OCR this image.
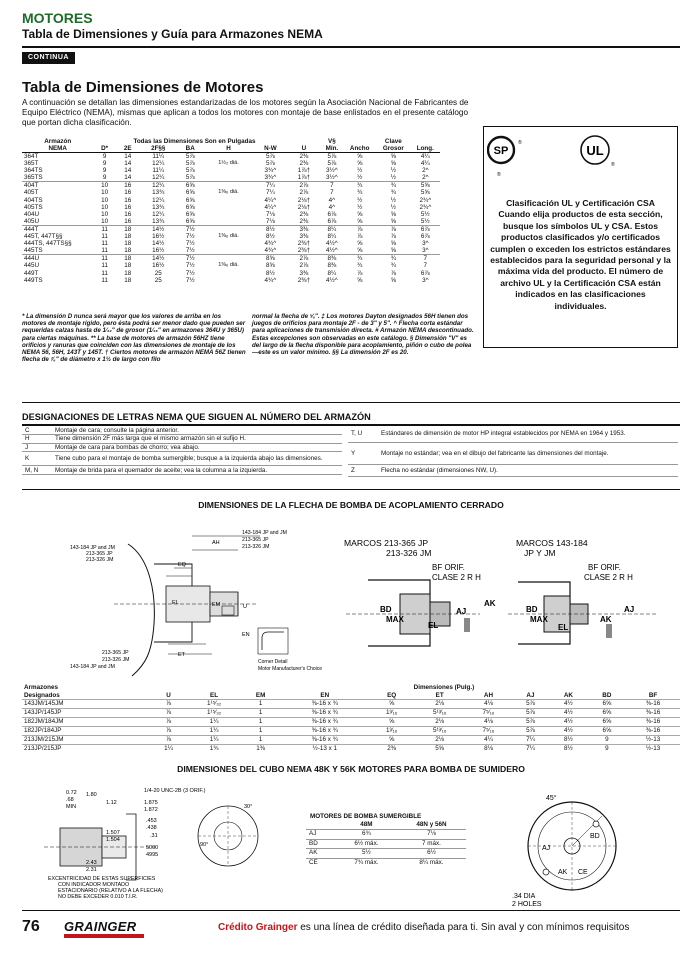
MOTORES
Tabla de Dimensiones y Guía para Armazones NEMA
CONTINUA
Tabla de Dimensiones de Motores
A continuación se detallan las dimensiones estandarizadas de los motores según la Asociación Nacional de Fabricantes de Equipo Eléctrico (NEMA), mismas que aplican a todos los motores con montaje de base enlistados en el presente catálogo que portan dicha clasificación.
Armazón	Todas las Dimensiones Son en Pulgadas							V§		Clave	
NEMA	D*	2E	2F§§	BA	H	N-W	U	Mín.	Ancho	Grosor	Long.
364T	9	14	11¼	5⅞		5⅞	2⅜	5⅞	⅝	⅝	4¼
365T	9	14	12¼	5⅞	1½₂ diá.	5⅞	2⅜	5⅞	⅝	⅝	4¼
364TS	9	14	11¼	5⅞		3¾^	1⅞†	3½^	½	½	2^
365TS	9	14	12¼	5⅞		3¾^	1⅞†	3½^	½	½	2^
404T	10	16	12¼	6⅝		7¼	2⅞	7	¾	¾	5⅝
405T	10	16	13¾	6⅝	1⅜₆ diá.	7¼	2⅞	7	¾	¾	5⅝
404TS	10	16	12¼	6⅝		4¼^	2⅛†	4^	½	½	2¾^
405TS	10	16	13¾	6⅝		4¼^	2⅛†	4^	½	½	2¾^
404U	10	16	12¼	6⅝		7⅛	2⅜	6⅞	⅝	⅝	5½
405U	10	16	13¾	6⅝		7⅛	2⅜	6⅞	⅝	⅝	5½
444T	11	18	14½	7½		8½	3⅜	8¼	⅞	⅞	6⅞
445T, 447T§§	11	18	16½	7½	1⅜₆ diá.	8½	3⅜	8¼	⅞	⅞	6⅞
444TS, 447TS§§	11	18	14½	7½		4¾^	2⅜†	4½^	⅝	⅝	3^
445TS	11	18	16½	7½		4¾^	2⅜†	4½^	⅝	⅝	3^
444U	11	18	14½	7½		8⅝	2⅞	8⅜	¾	¾	7
445U	11	18	16½	7½	1⅜₆ diá.	8⅝	2⅞	8⅜	¾	¾	7
449T	11	18	25	7½		8½	3⅜	8¼	⅞	⅞	6⅞
449TS	11	18	25	7½		4¾^	2⅜†	4½^	⅝	⅝	3^
* La dimensión D nunca será mayor que los valores de arriba en los motores de montaje rígido, pero ésta podrá ser menor dado que pueden ser requeridas calzas hasta de 1⁄₃₂" de grosor (1⁄₁₆" en armazones 364U y 365U) para ciertas máquinas. ** La base de motores de armazón 56HZ tiene orificios y ranuras que coinciden con las dimensiones de montaje de los NEMA 56, 56H, 143T y 145T. † Ciertos motores de armazón NEMA 56Z tienen flecha de ⅞" de diámetro x 1½ de largo con filo
normal la flecha de ⅝". ‡ Los motores Dayton designados 56H tienen dos juegos de orificios para montaje 2F - de 3" y 5". ^ Flecha corta estándar para aplicaciones de transmisión directa. # Armazón NEMA descontinuado. Estas excepciones son observadas en este catálogo. § Dimensión "V" es del largo de la flecha disponible para acoplamiento, piñón o cubo de polea—este es un valor mínimo. §§ La dimensión 2F es 20.
SP
®	UL
®
®
Clasificación UL y Certificación CSA Cuando elija productos de esta sección, busque los símbolos UL y CSA. Estos productos clasificados y/o certificados cumplen o exceden los estrictos estándares establecidos para la seguridad personal y la máxima vida del producto. El número de archivo UL y la Certificación CSA están indicados en las clasificaciones individuales.
DESIGNACIONES DE LETRAS NEMA QUE SIGUEN AL NÚMERO DEL ARMAZÓN
C	Montaje de cara; consulte la página anterior.
H	Tiene dimensión 2F más larga que el mismo armazón sin el sufijo H.
J	Montaje de cara para bombas de chorro; vea abajo.
K	Tiene cubo para el montaje de bomba sumergible; busque a la izquierda abajo las dimensiones.
M, N	Montaje de brida para el quemador de aceite; vea la columna a la izquierda.
T, U	Estándares de dimensión de motor HP integral establecidos por NEMA en 1964 y 1953.
Y	Montaje no estándar; vea en el dibujo del fabricante las dimensiones del montaje.
Z	Flecha no estándar (dimensiones NW, U).
DIMENSIONES DE LA FLECHA DE BOMBA DE ACOPLAMIENTO CERRADO
143-184 JP and JM
213-365 JP
213-326 JM
143-184 JP and JM
213-365 JP
213-326 JM
AH
EQ
EL	EM	U
EN
ET
213-365 JP
213-326 JM
143-184 JP and JM
Corner Detail
Motor Manufacturer's Choice
MARCOS 213-365 JP
213-326 JM
BF ORIF.
CLASE 2 R H
BD
MAX
AJ
AK
EL
MARCOS 143-184
JP Y JM
BF ORIF.
CLASE 2 R H
BD
MAX
AJ
AK
EL
Armazones	Dimensiones (Pulg.)										
Designados	U	EL	EM	EN	EQ	ET	AH	AJ	AK	BD	BF
143JM/145JM	⅞	1¹⁵⁄₃₂	1	⅜-16 x ¾	⅝	2⅛	4⅛	5⅞	4½	6⅝	⅜-16
143JP/145JP	⅞	1¹⁵⁄₃₂	1	⅜-16 x ¾	1³⁄₁₆	5¹³⁄₁₆	7⁵⁄₁₆	5⅞	4½	6⅝	⅜-16
182JM/184JM	⅞	1¼	1	⅜-16 x ¾	⅝	2⅛	4⅛	5⅞	4½	6⅝	⅜-16
182JP/184JP	⅞	1¼	1	⅜-16 x ¾	1³⁄₁₆	5¹³⁄₁₆	7⁵⁄₁₆	5⅞	4½	6⅝	⅜-16
213JM/215JM	⅞	1¼	1	⅜-16 x ¾	⅝	2⅛	4¼	7¼	8½	9	½-13
213JP/215JP	1¼	1¾	1⅜	½-13 x 1	2⅜	5⅝	8⅛	7¼	8½	9	½-13
DIMENSIONES DEL CUBO NEMA 48K Y 56K MOTORES PARA BOMBA DE SUMIDERO
0.72
.68
MIN
1.80
1.12
1/4-20 UNC-2B (3 ORIF.)
1.875
1.872	30°
90°
.453
.438
.31
1.507
1.504
5000
4995
2.43
2.31
EXCENTRICIDAD DE ESTAS SUPERFICIES
CON INDICADOR MONTADO
ESTACIONARIO (RELATIVO A LA FLECHA)
NO DEBE EXCEDER 0.010 T.I.R.
MOTORES DE BOMBA SUMERGIBLE
	48M	48N y 56N
AJ	6¾	7⅛
BD	6½ máx.	7 máx.
AK	5½	6½
CE	7¾ máx.	8¼ máx.
45°
BD
AJ
AK CE
.34 DIA
2 HOLES
76 GRAINGER	Crédito Grainger es una línea de crédito diseñada para ti. Sin aval y con mínimos requisitos
